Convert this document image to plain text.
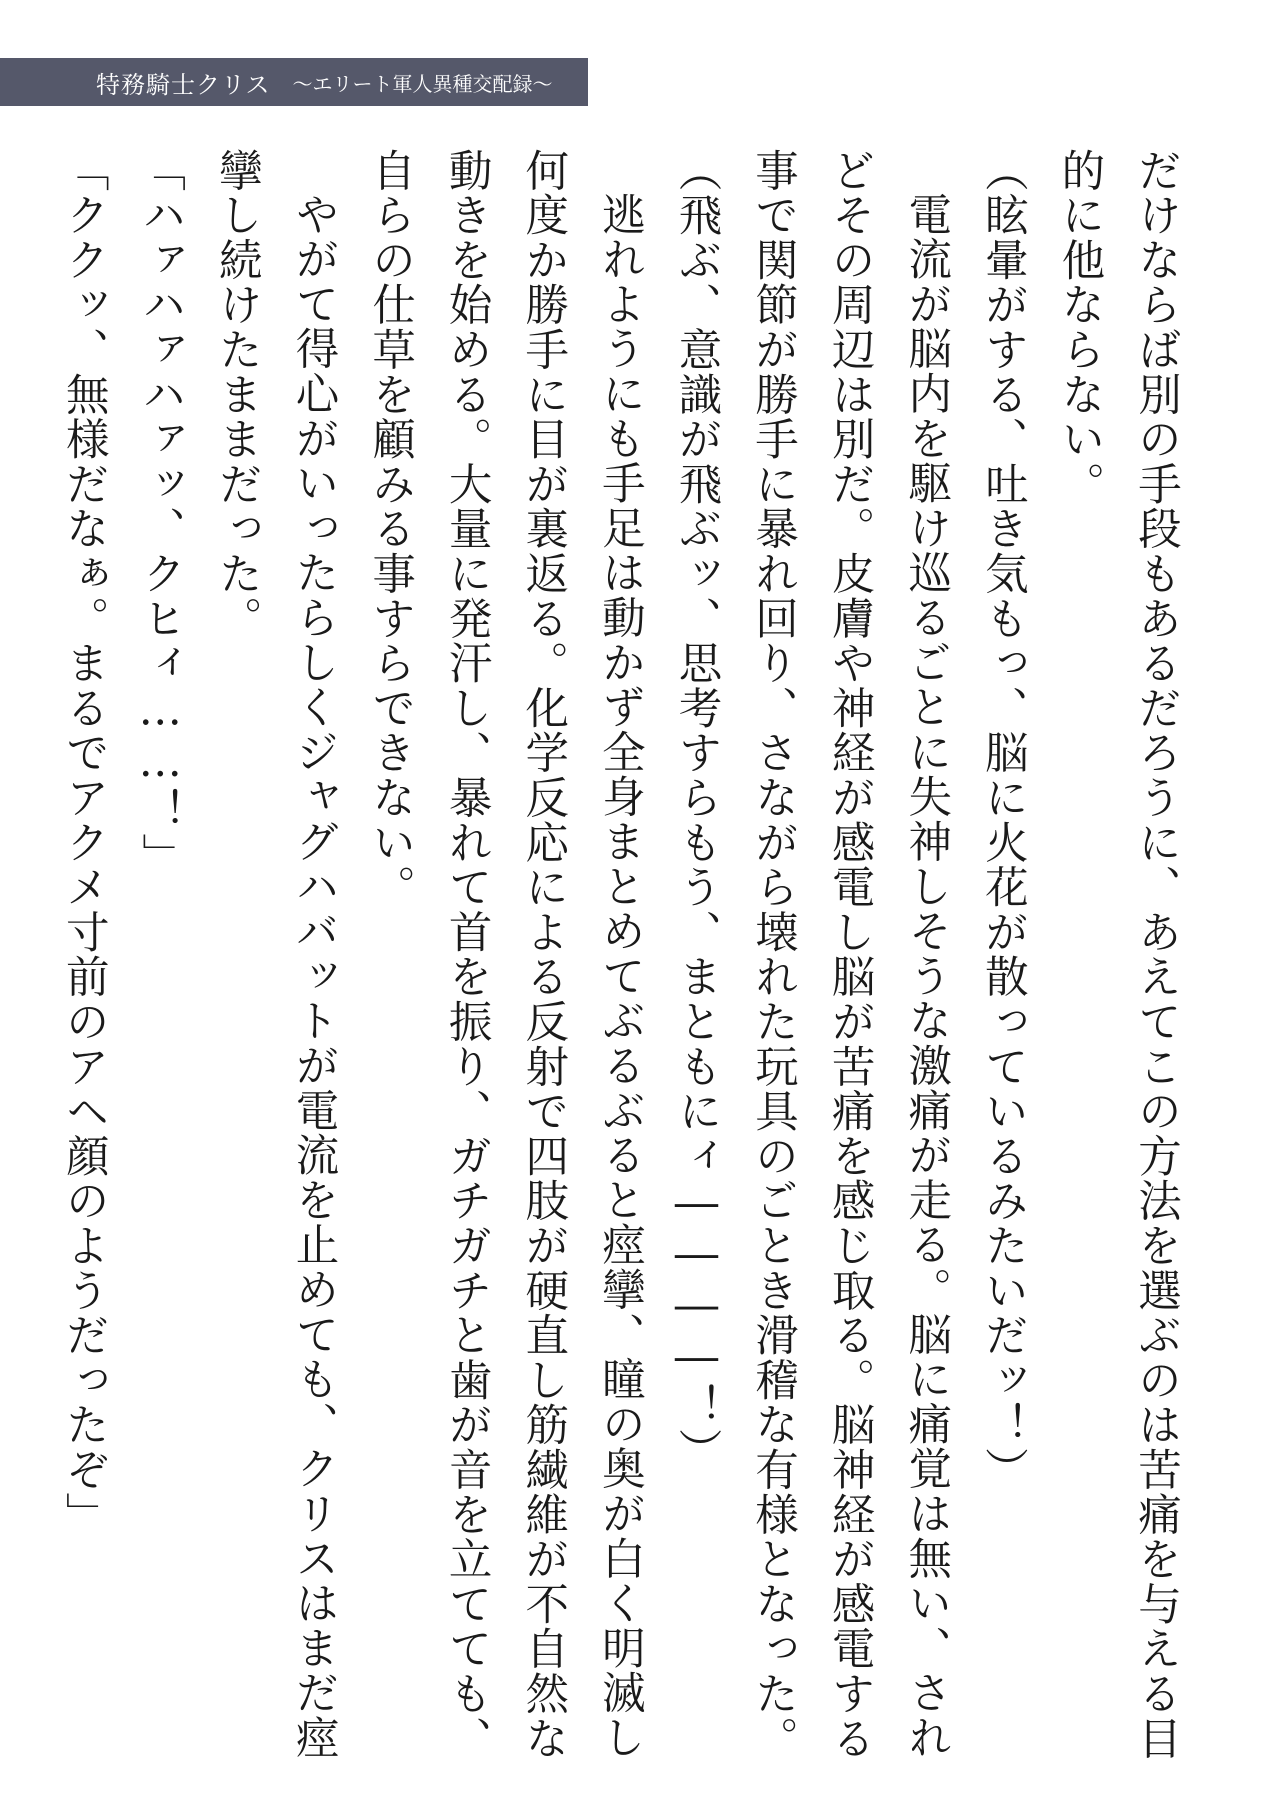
特務騎士クリス 〜エリート軍人異種交配録〜

だけならば別の手段もあるだろうに、あえてこの方法を選ぶのは苦痛を与える目的に他ならない。

（眩暈がする、吐き気もっ、脳に火花が散っているみたいだッ！）

電流が脳内を駆け巡るごとに失神しそうな激痛が走る。脳に痛覚は無い、されどその周辺は別だ。皮膚や神経が感電し脳が苦痛を感じ取る。脳神経が感電する事で関節が勝手に暴れ回り、さながら壊れた玩具のごとき滑稽な有様となった。

（飛ぶ、意識が飛ぶッ、思考すらもう、まともにィ――――！）

逃れようにも手足は動かず全身まとめてぶるぶると痙攣、瞳の奥が白く明滅し何度か勝手に目が裏返る。化学反応による反射で四肢が硬直し筋繊維が不自然な動きを始める。大量に発汗し、暴れて首を振り、ガチガチと歯が音を立てても、自らの仕草を顧みる事すらできない。

やがて得心がいったらしくジャグハバットが電流を止めても、クリスはまだ痙攣し続けたままだった。

「ハァハァハァッ、クヒィ……！」

「ククッ、無様だなぁ。まるでアクメ寸前のアヘ顔のようだったぞ」
